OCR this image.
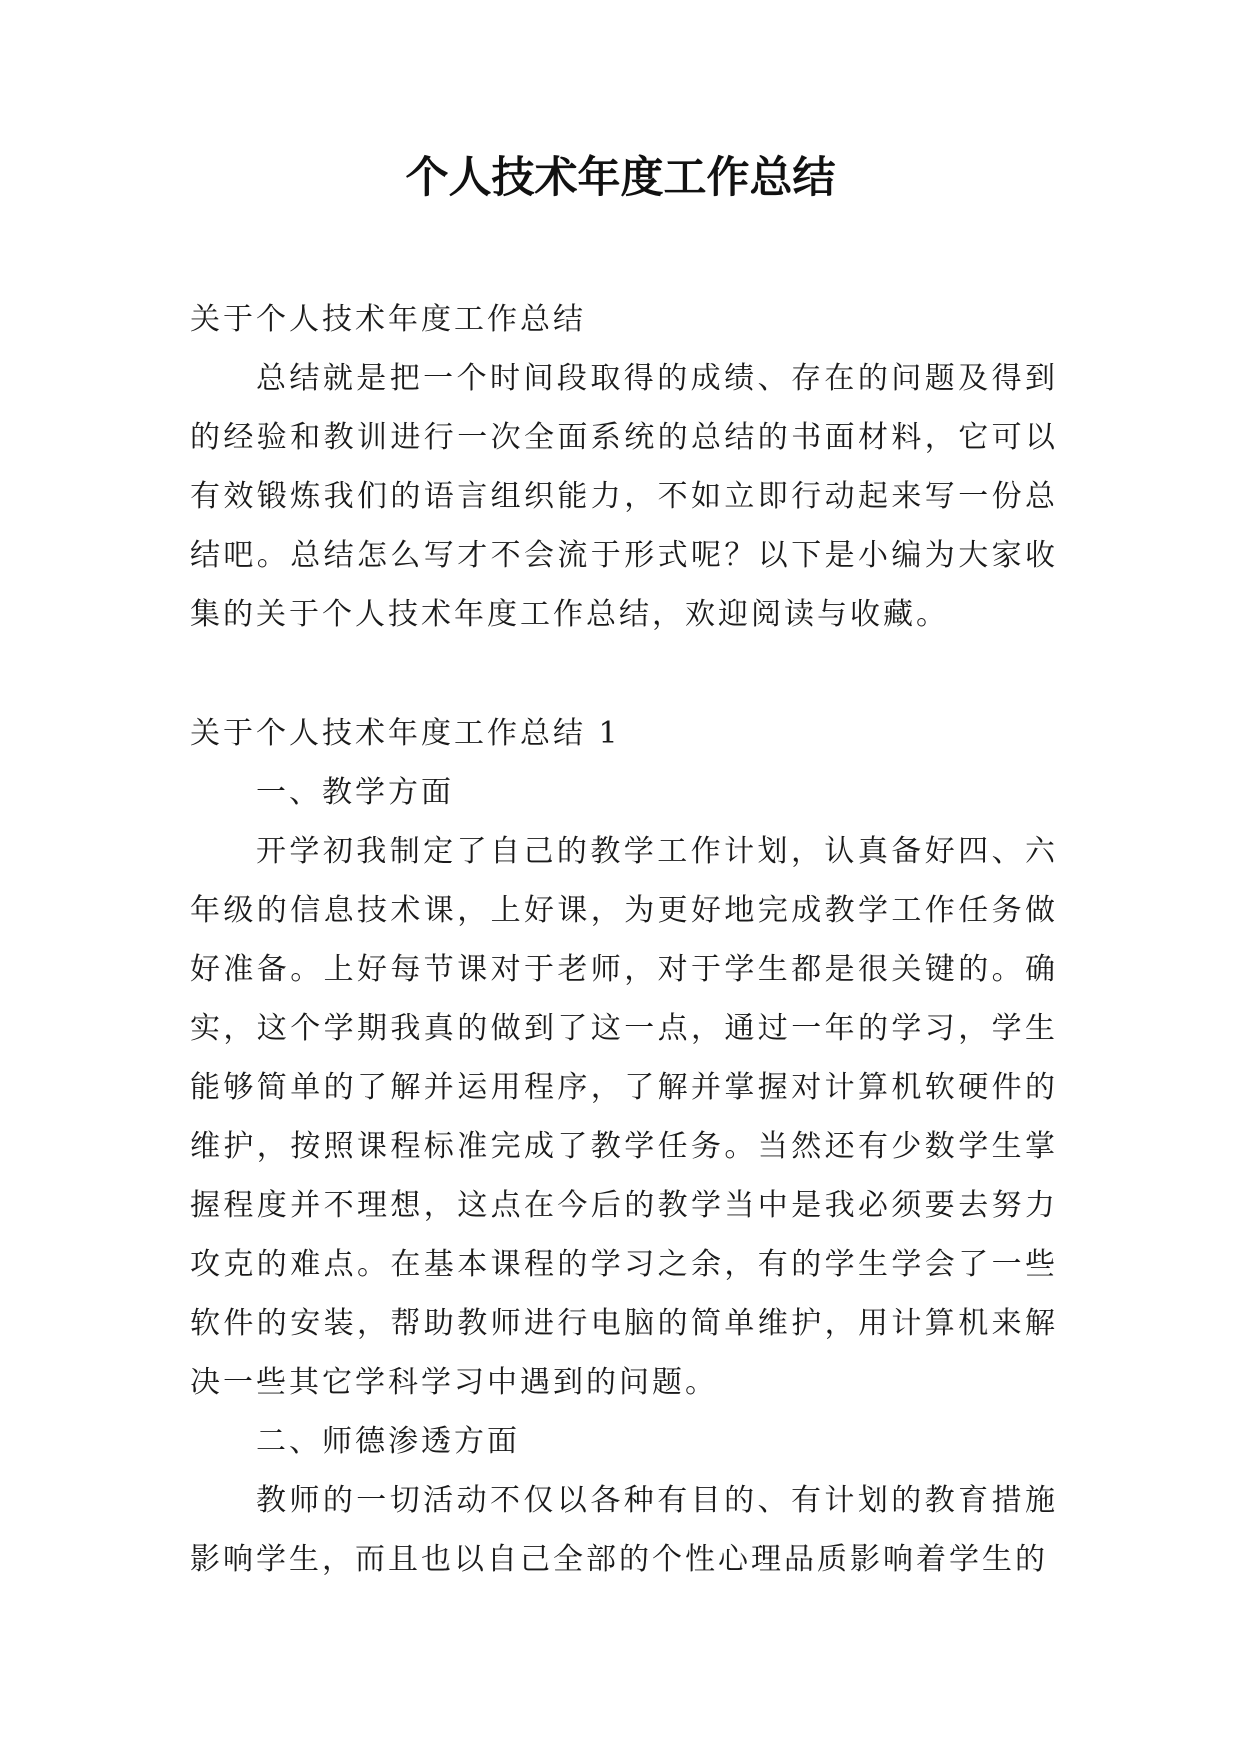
个人技术年度工作总结

关于个人技术年度工作总结

总结就是把一个时间段取得的成绩、存在的问题及得到的经验和教训进行一次全面系统的总结的书面材料，它可以有效锻炼我们的语言组织能力，不如立即行动起来写一份总结吧。总结怎么写才不会流于形式呢？以下是小编为大家收集的关于个人技术年度工作总结，欢迎阅读与收藏。

关于个人技术年度工作总结 1

一、教学方面

开学初我制定了自己的教学工作计划，认真备好四、六年级的信息技术课，上好课，为更好地完成教学工作任务做好准备。上好每节课对于老师，对于学生都是很关键的。确实，这个学期我真的做到了这一点，通过一年的学习，学生能够简单的了解并运用程序，了解并掌握对计算机软硬件的维护，按照课程标准完成了教学任务。当然还有少数学生掌握程度并不理想，这点在今后的教学当中是我必须要去努力攻克的难点。在基本课程的学习之余，有的学生学会了一些软件的安装，帮助教师进行电脑的简单维护，用计算机来解决一些其它学科学习中遇到的问题。

二、师德渗透方面

教师的一切活动不仅以各种有目的、有计划的教育措施影响学生，而且也以自己全部的个性心理品质影响着学生的
